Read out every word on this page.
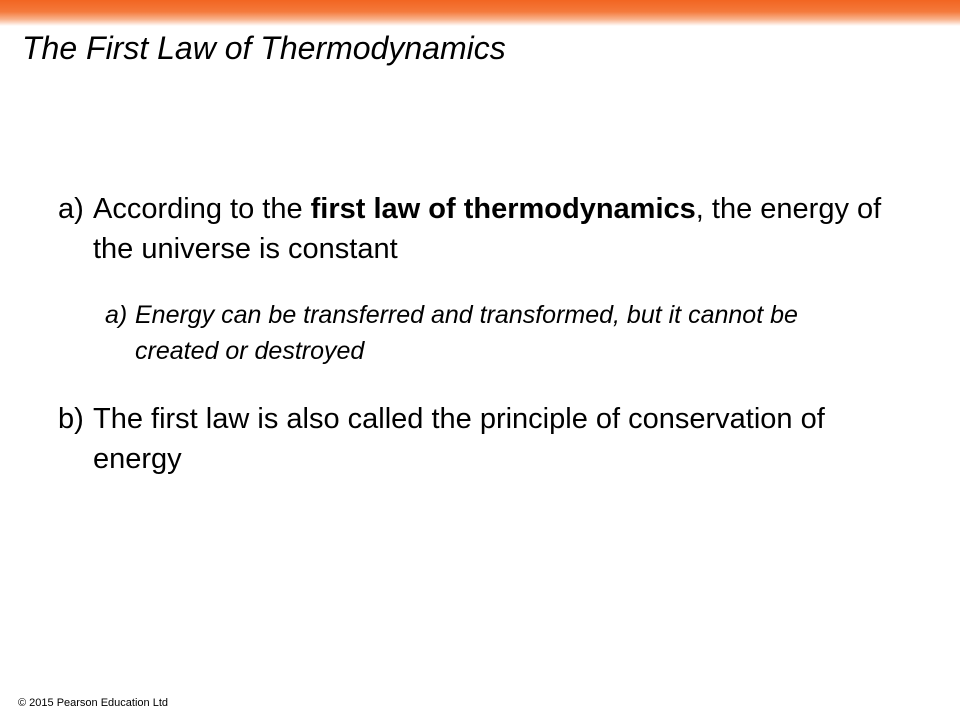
The First Law of Thermodynamics
a) According to the first law of thermodynamics, the energy of the universe is constant
a) Energy can be transferred and transformed, but it cannot be created or destroyed
b) The first law is also called the principle of conservation of energy
© 2015 Pearson Education Ltd
